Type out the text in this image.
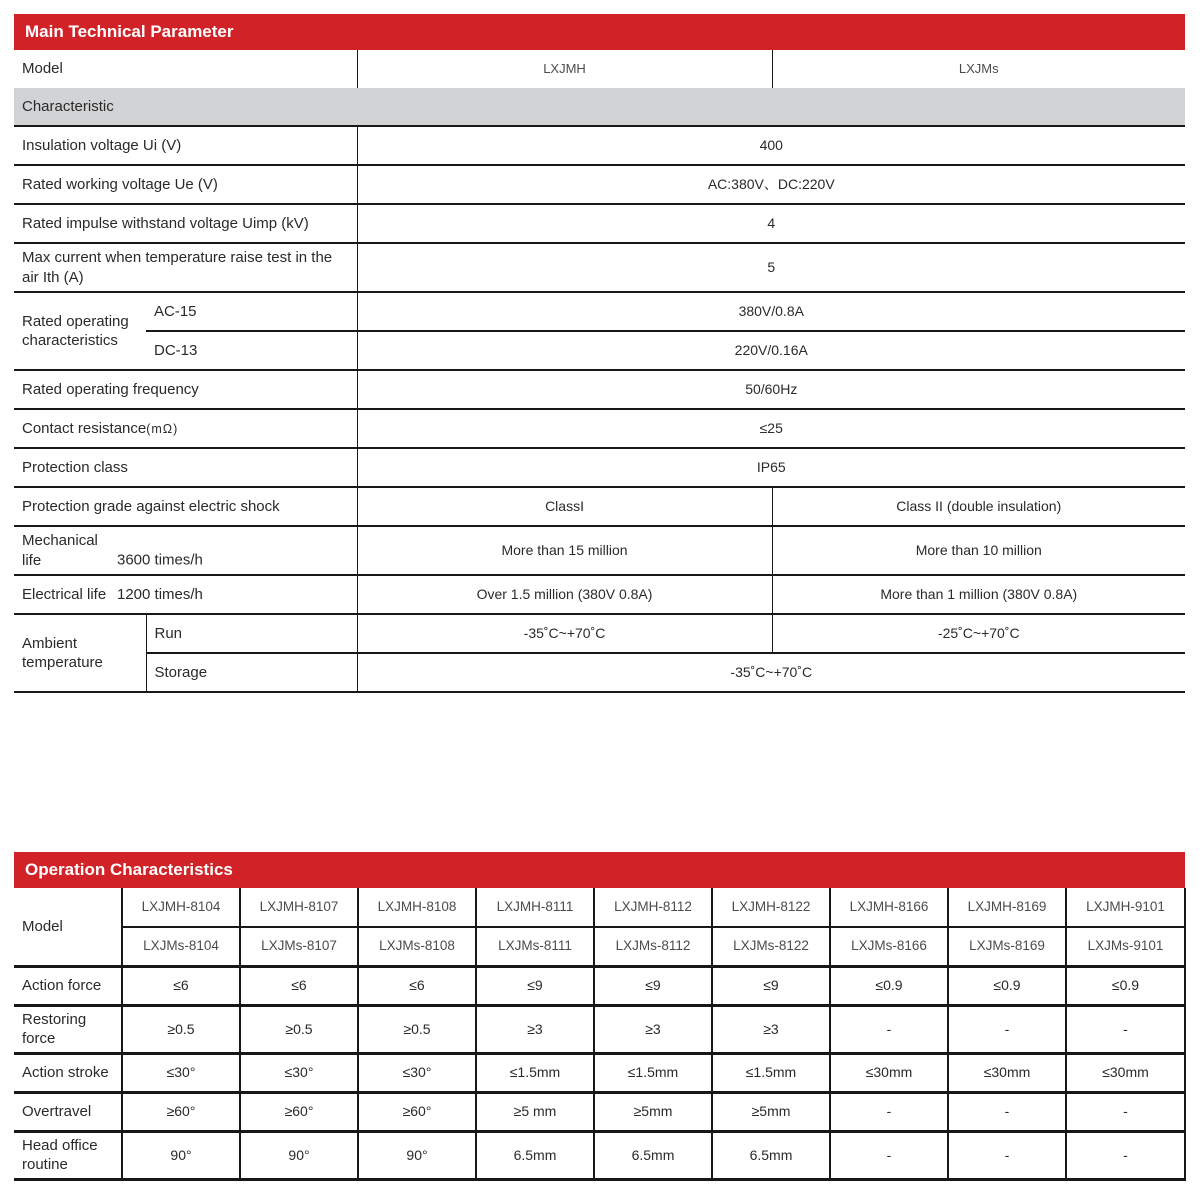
Main Technical Parameter
Model		LXJMH	LXJMs
Characteristic			
Insulation voltage Ui (V)		400	
Rated working voltage Ue (V)		AC:380V、DC:220V	
Rated impulse withstand voltage Uimp (kV)		4	
Max current when temperature raise test in the air Ith (A)		5	
Rated operating characteristics	AC-15	380V/0.8A	
	DC-13	220V/0.16A	
Rated operating frequency		50/60Hz	
Contact resistance(mΩ)		≤25	
Protection class		IP65	
Protection grade against electric shock		ClassI	Class II (double insulation)
Mechanical life 3600 times/h		More than 15 million	More than 10 million
Electrical life 1200 times/h		Over 1.5 million (380V 0.8A)	More than 1 million (380V 0.8A)
Ambient temperature	Run	-35˚C~+70˚C	-25˚C~+70˚C
	Storage	-35˚C~+70˚C	
Operation Characteristics
Model	LXJMH-8104	LXJMH-8107	LXJMH-8108	LXJMH-8111	LXJMH-8112	LXJMH-8122	LXJMH-8166	LXJMH-8169	LXJMH-9101
	LXJMs-8104	LXJMs-8107	LXJMs-8108	LXJMs-8111	LXJMs-8112	LXJMs-8122	LXJMs-8166	LXJMs-8169	LXJMs-9101
Action force	≤6	≤6	≤6	≤9	≤9	≤9	≤0.9	≤0.9	≤0.9
Restoring force	≥0.5	≥0.5	≥0.5	≥3	≥3	≥3	-	-	-
Action stroke	≤30°	≤30°	≤30°	≤1.5mm	≤1.5mm	≤1.5mm	≤30mm	≤30mm	≤30mm
Overtravel	≥60°	≥60°	≥60°	≥5 mm	≥5mm	≥5mm	-	-	-
Head office routine	90°	90°	90°	6.5mm	6.5mm	6.5mm	-	-	-
